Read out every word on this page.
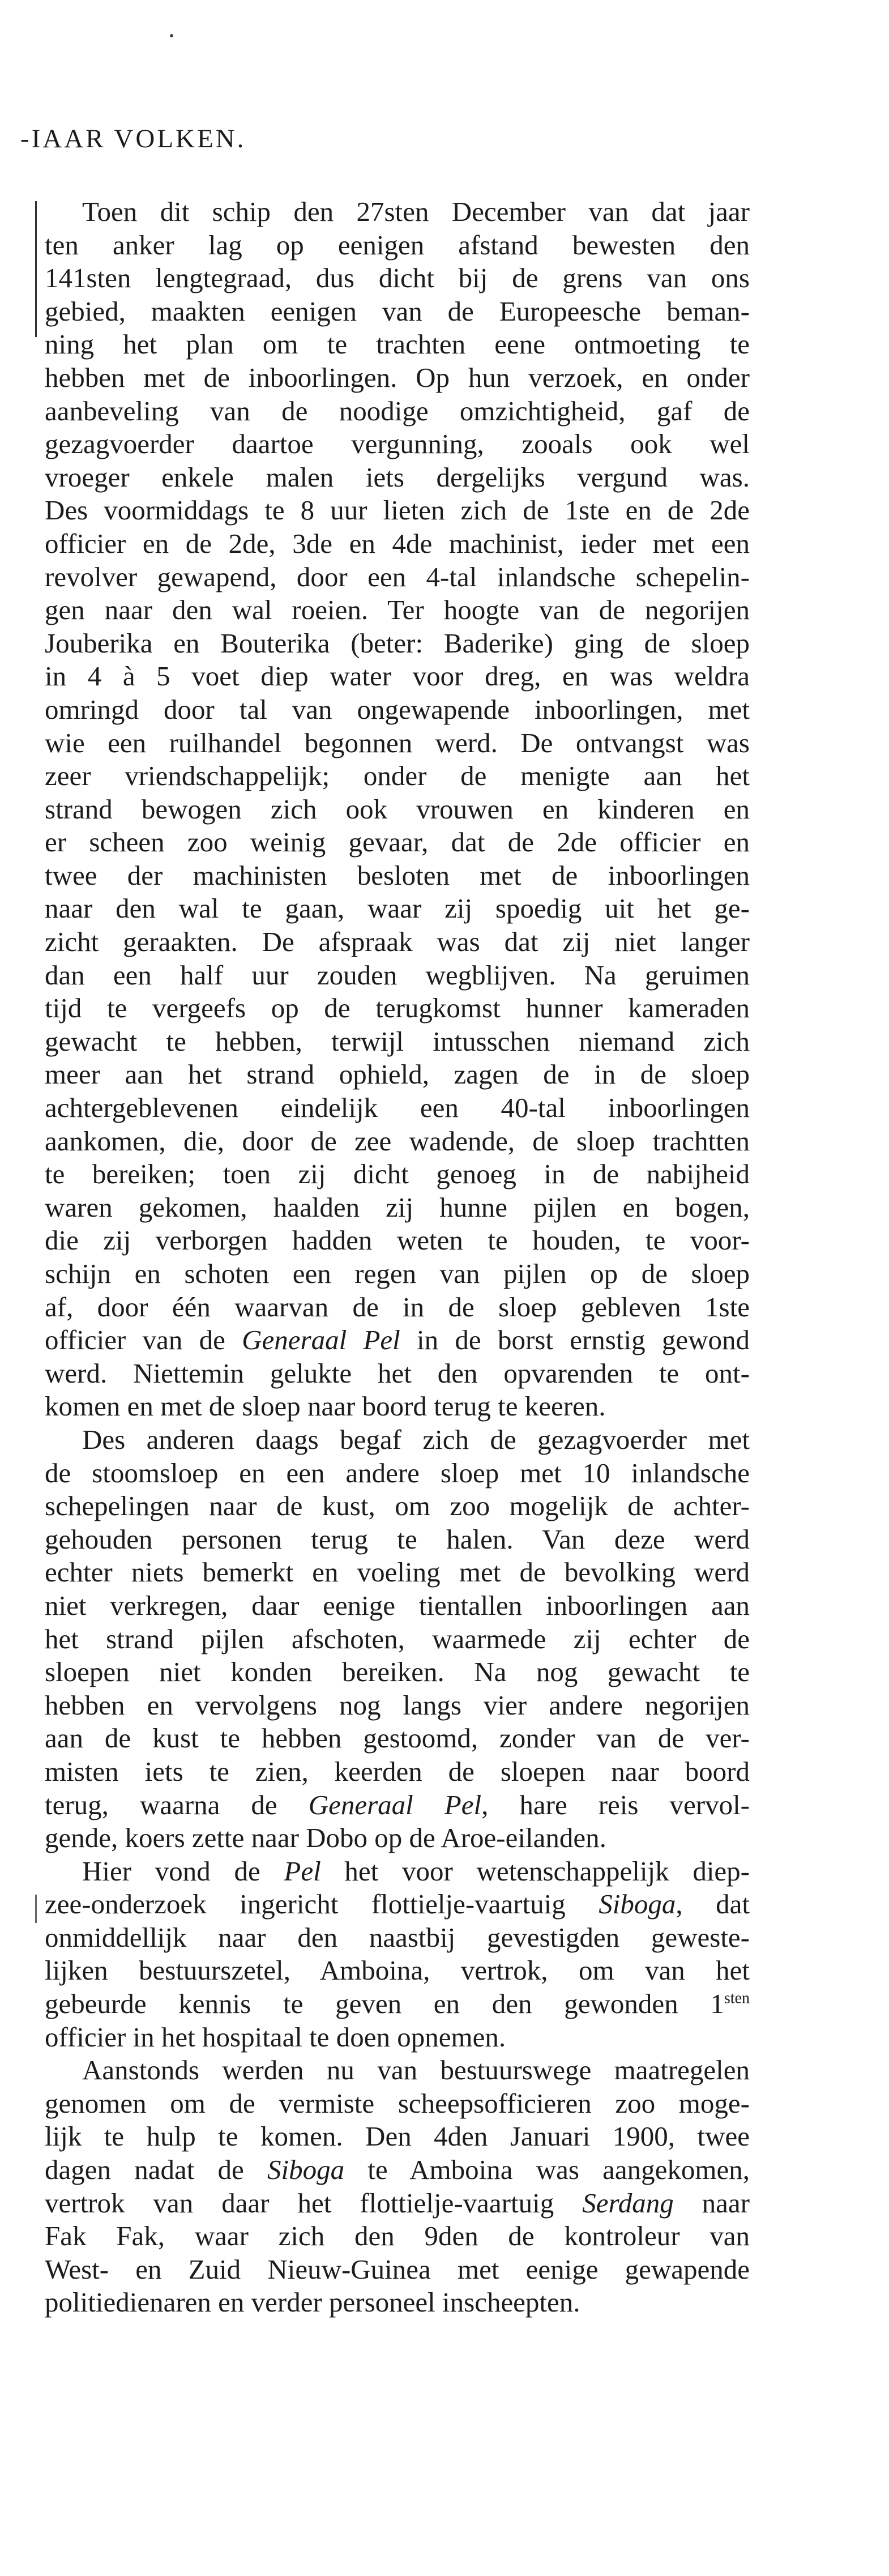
-IAAR VOLKEN.
Toen dit schip den 27sten December van dat jaar
ten anker lag op eenigen afstand bewesten den
141sten lengtegraad, dus dicht bij de grens van ons
gebied, maakten eenigen van de Europeesche beman-
ning het plan om te trachten eene ontmoeting te
hebben met de inboorlingen. Op hun verzoek, en onder
aanbeveling van de noodige omzichtigheid, gaf de
gezagvoerder daartoe vergunning, zooals ook wel
vroeger enkele malen iets dergelijks vergund was.
Des voormiddags te 8 uur lieten zich de 1ste en de 2de
officier en de 2de, 3de en 4de machinist, ieder met een
revolver gewapend, door een 4-tal inlandsche schepelin-
gen naar den wal roeien. Ter hoogte van de negorijen
Jouberika en Bouterika (beter: Baderike) ging de sloep
in 4 à 5 voet diep water voor dreg, en was weldra
omringd door tal van ongewapende inboorlingen, met
wie een ruilhandel begonnen werd. De ontvangst was
zeer vriendschappelijk; onder de menigte aan het
strand bewogen zich ook vrouwen en kinderen en
er scheen zoo weinig gevaar, dat de 2de officier en
twee der machinisten besloten met de inboorlingen
naar den wal te gaan, waar zij spoedig uit het ge-
zicht geraakten. De afspraak was dat zij niet langer
dan een half uur zouden wegblijven. Na geruimen
tijd te vergeefs op de terugkomst hunner kameraden
gewacht te hebben, terwijl intusschen niemand zich
meer aan het strand ophield, zagen de in de sloep
achtergeblevenen eindelijk een 40-tal inboorlingen
aankomen, die, door de zee wadende, de sloep trachtten
te bereiken; toen zij dicht genoeg in de nabijheid
waren gekomen, haalden zij hunne pijlen en bogen,
die zij verborgen hadden weten te houden, te voor-
schijn en schoten een regen van pijlen op de sloep
af, door één waarvan de in de sloep gebleven 1ste
officier van de Generaal Pel in de borst ernstig gewond
werd. Niettemin gelukte het den opvarenden te ont-
komen en met de sloep naar boord terug te keeren.
Des anderen daags begaf zich de gezagvoerder met
de stoomsloep en een andere sloep met 10 inlandsche
schepelingen naar de kust, om zoo mogelijk de achter-
gehouden personen terug te halen. Van deze werd
echter niets bemerkt en voeling met de bevolking werd
niet verkregen, daar eenige tientallen inboorlingen aan
het strand pijlen afschoten, waarmede zij echter de
sloepen niet konden bereiken. Na nog gewacht te
hebben en vervolgens nog langs vier andere negorijen
aan de kust te hebben gestoomd, zonder van de ver-
misten iets te zien, keerden de sloepen naar boord
terug, waarna de Generaal Pel, hare reis vervol-
gende, koers zette naar Dobo op de Aroe-eilanden.
Hier vond de Pel het voor wetenschappelijk diep-
zee-onderzoek ingericht flottielje-vaartuig Siboga, dat
onmiddellijk naar den naastbij gevestigden geweste-
lijken bestuurszetel, Amboina, vertrok, om van het
gebeurde kennis te geven en den gewonden $1^{sten}$
officier in het hospitaal te doen opnemen.
Aanstonds werden nu van bestuurswege maatregelen
genomen om de vermiste scheepsofficieren zoo moge-
lijk te hulp te komen. Den 4den Januari 1900, twee
dagen nadat de Siboga te Amboina was aangekomen,
vertrok van daar het flottielje-vaartuig Serdang naar
Fak Fak, waar zich den 9den de kontroleur van
West- en Zuid Nieuw-Guinea met eenige gewapende
politiedienaren en verder personeel inscheepten.
